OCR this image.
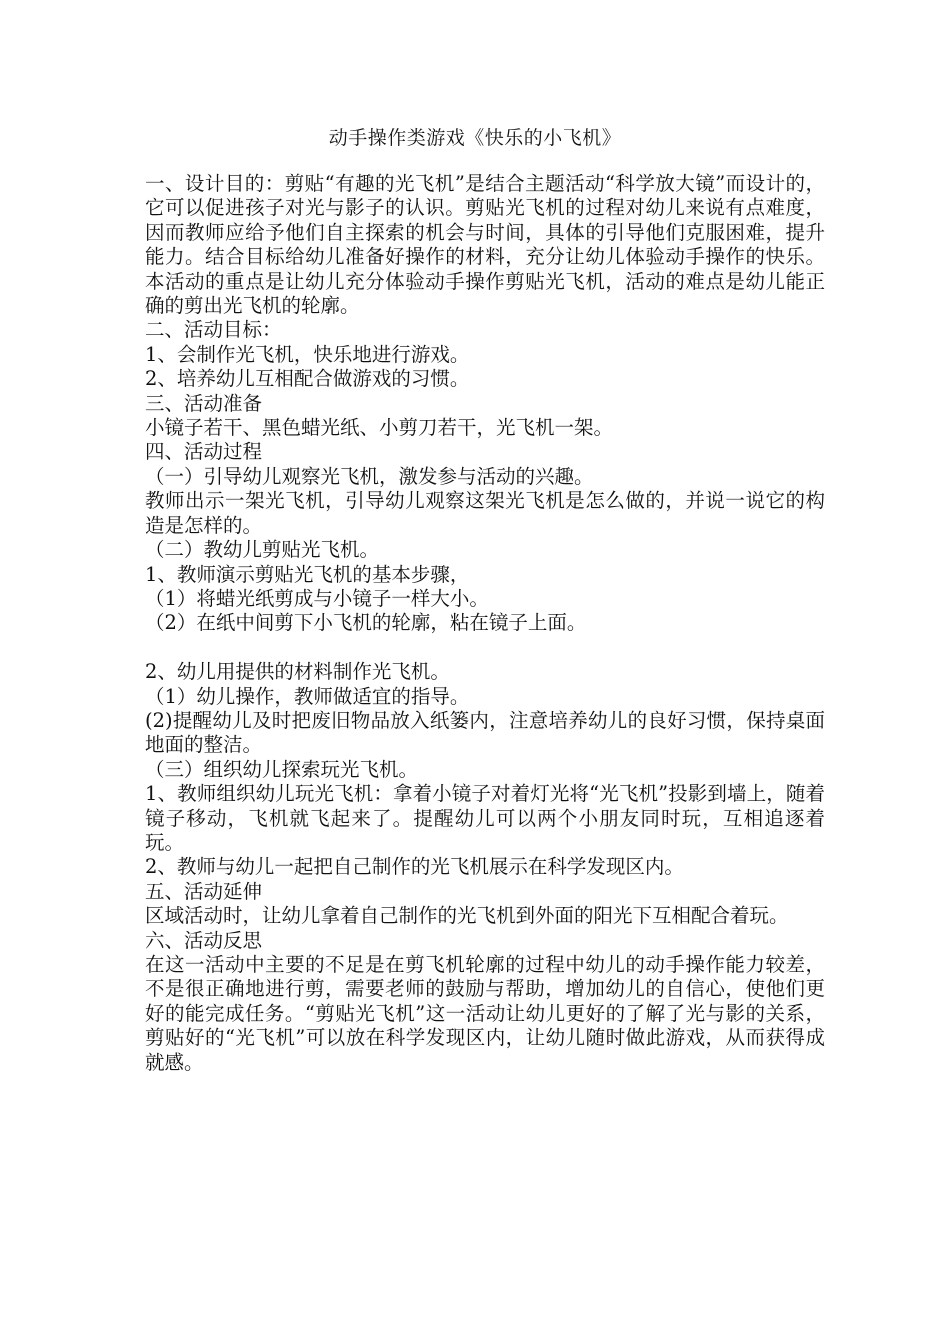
动手操作类游戏《快乐的小飞机》

一、设计目的：剪贴“有趣的光飞机”是结合主题活动“科学放大镜”而设计的，它可以促进孩子对光与影子的认识。剪贴光飞机的过程对幼儿来说有点难度，因而教师应给予他们自主探索的机会与时间，具体的引导他们克服困难，提升能力。结合目标给幼儿准备好操作的材料，充分让幼儿体验动手操作的快乐。本活动的重点是让幼儿充分体验动手操作剪贴光飞机，活动的难点是幼儿能正确的剪出光飞机的轮廓。

二、活动目标：

1、会制作光飞机，快乐地进行游戏。

2、培养幼儿互相配合做游戏的习惯。

三、活动准备

小镜子若干、黑色蜡光纸、小剪刀若干，光飞机一架。

四、活动过程

（一）引导幼儿观察光飞机，激发参与活动的兴趣。

教师出示一架光飞机，引导幼儿观察这架光飞机是怎么做的，并说一说它的构造是怎样的。

（二）教幼儿剪贴光飞机。

1、教师演示剪贴光飞机的基本步骤，

（1）将蜡光纸剪成与小镜子一样大小。

（2）在纸中间剪下小飞机的轮廓，粘在镜子上面。

2、幼儿用提供的材料制作光飞机。

（1）幼儿操作，教师做适宜的指导。

(2)提醒幼儿及时把废旧物品放入纸篓内，注意培养幼儿的良好习惯，保持桌面地面的整洁。

（三）组织幼儿探索玩光飞机。

1、教师组织幼儿玩光飞机：拿着小镜子对着灯光将“光飞机”投影到墙上，随着镜子移动，飞机就飞起来了。提醒幼儿可以两个小朋友同时玩，互相追逐着玩。

2、教师与幼儿一起把自己制作的光飞机展示在科学发现区内。

五、活动延伸

区域活动时，让幼儿拿着自己制作的光飞机到外面的阳光下互相配合着玩。

六、活动反思

在这一活动中主要的不足是在剪飞机轮廓的过程中幼儿的动手操作能力较差，不是很正确地进行剪，需要老师的鼓励与帮助，增加幼儿的自信心，使他们更好的能完成任务。“剪贴光飞机”这一活动让幼儿更好的了解了光与影的关系，剪贴好的“光飞机”可以放在科学发现区内，让幼儿随时做此游戏，从而获得成就感。
